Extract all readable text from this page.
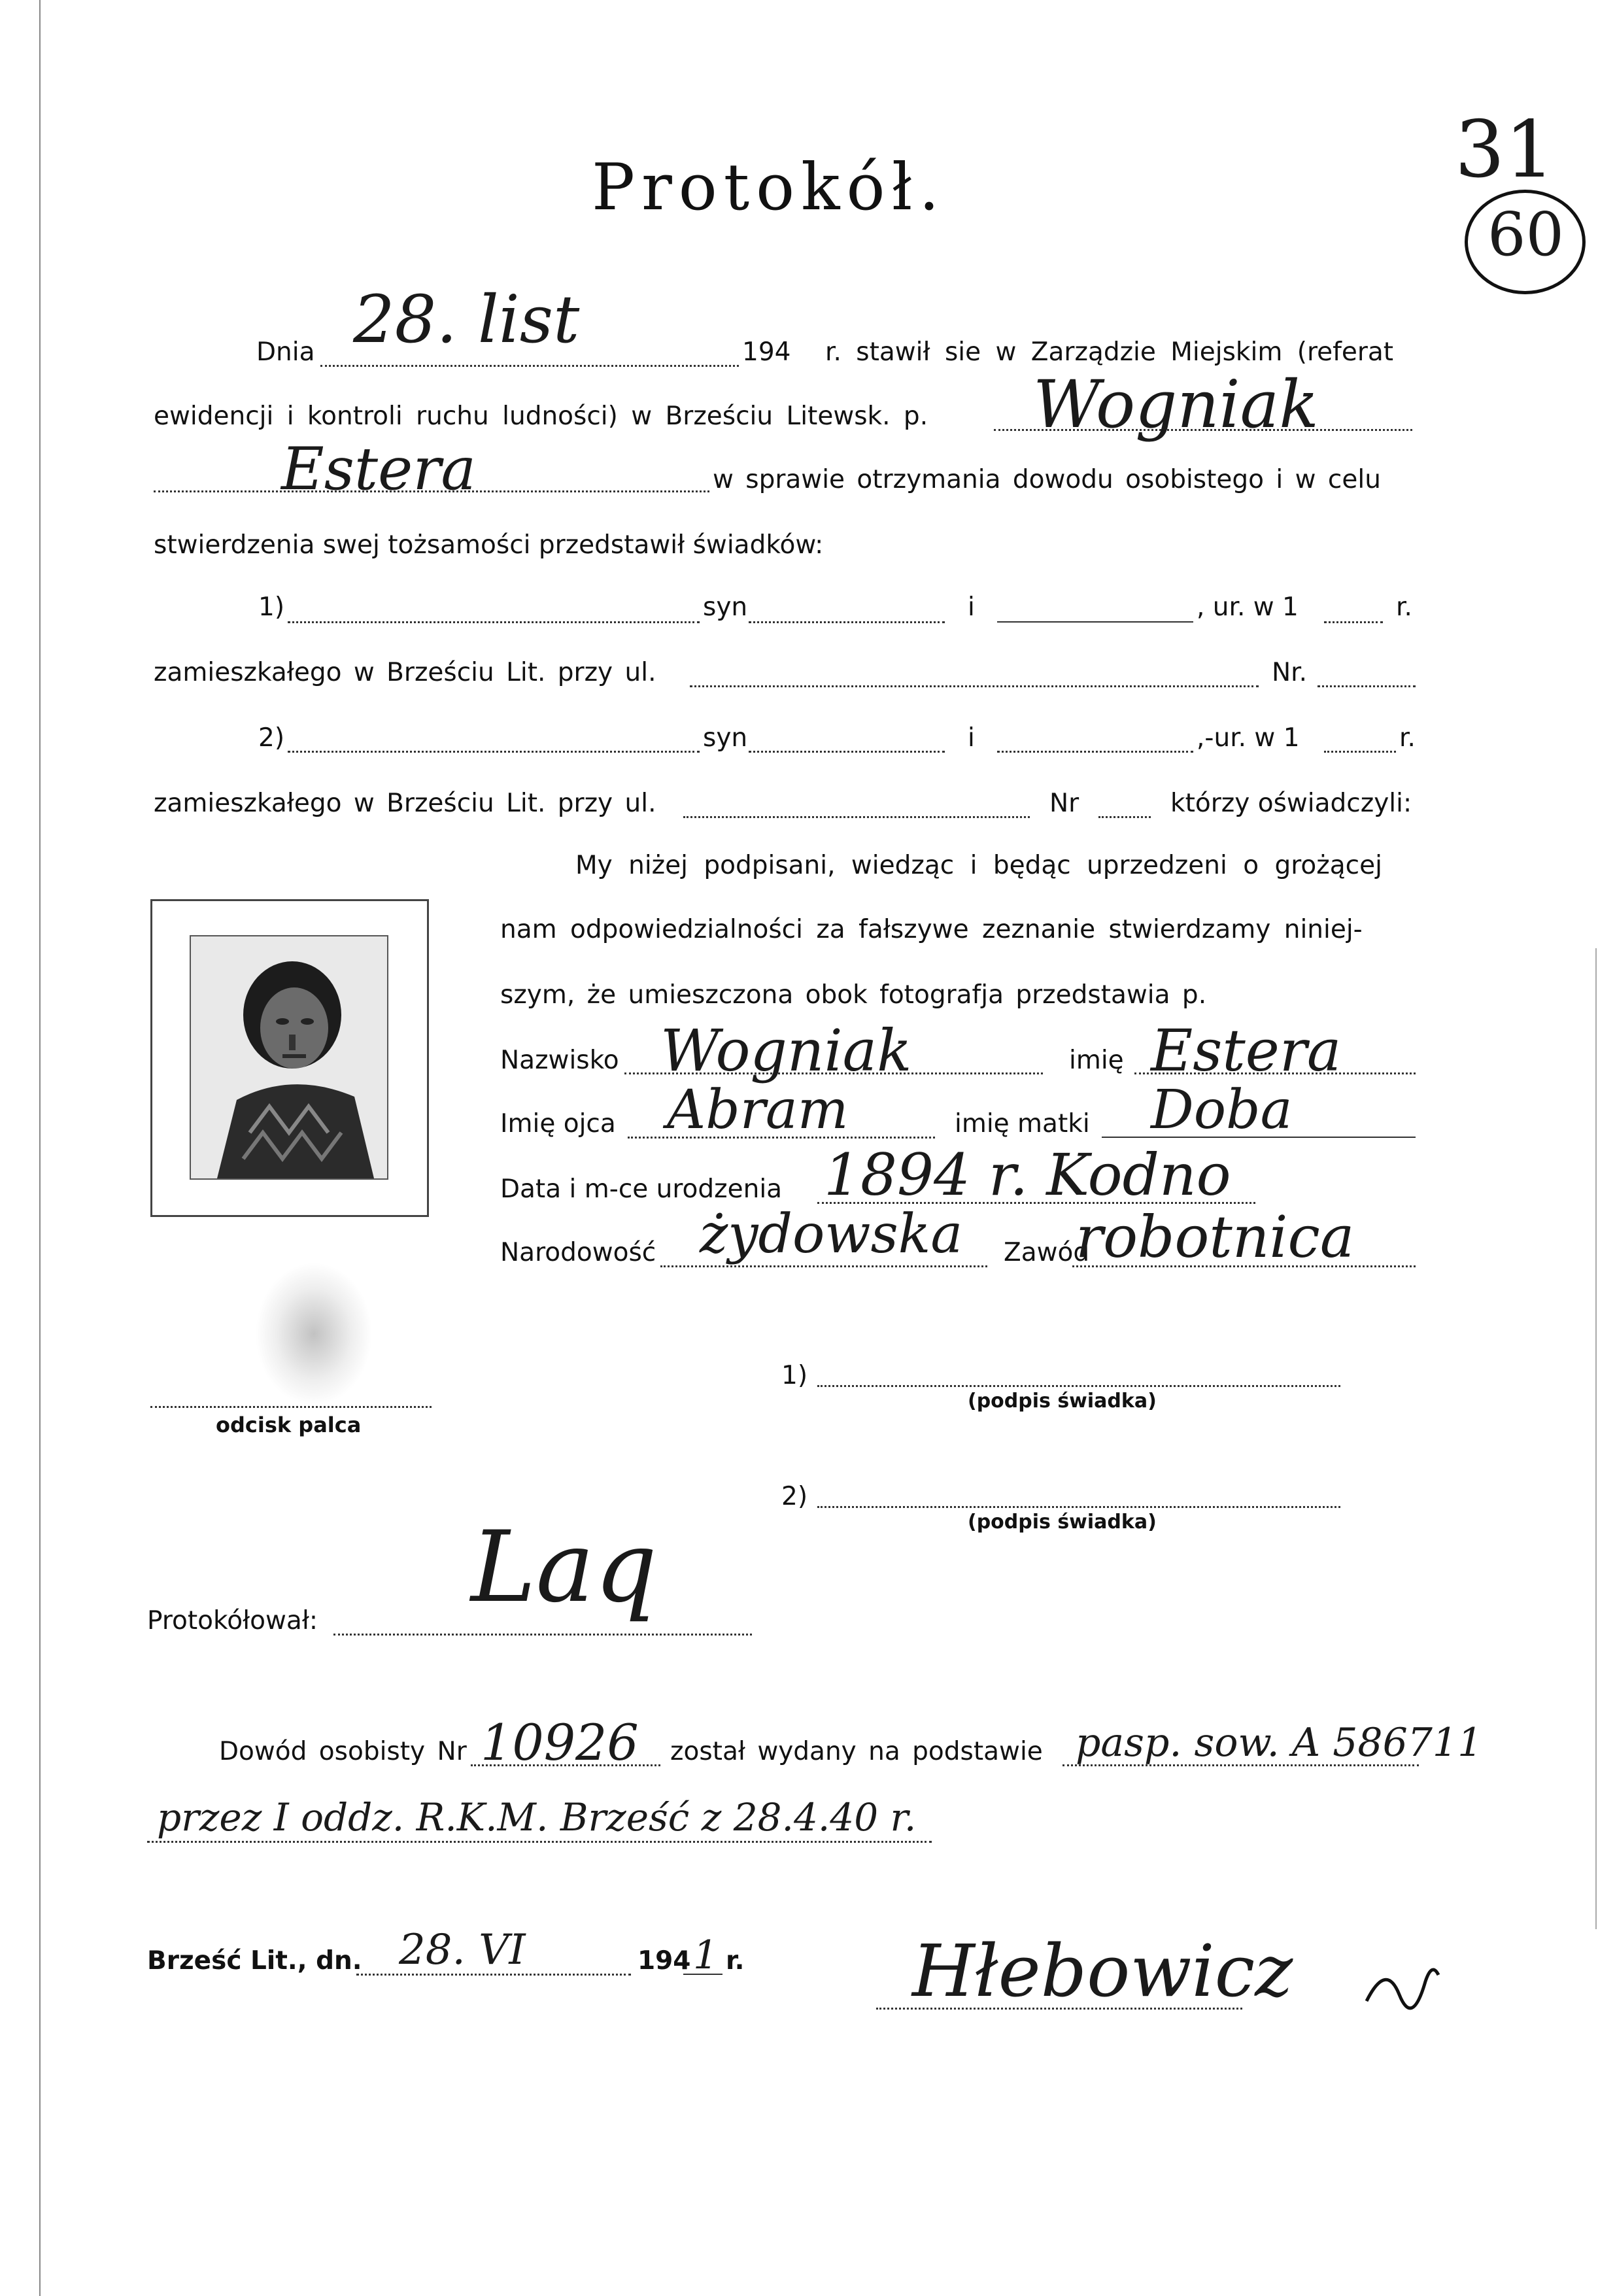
Protokół.	31
60
Dnia 28. list	194 r. stawił sie w Zarządzie Miejskim (referat
ewidencji i kontroli ruchu ludności) w Brześciu Litewsk. p. Wogniak
Estera	w sprawie otrzymania dowodu osobistego i w celu
stwierdzenia swej tożsamości przedstawił świadków:
1)	syn	i	, ur. w 1	r.
zamieszkałego w Brześciu Lit. przy ul.	Nr.
2)	syn	i	,-ur. w 1	r.
zamieszkałego w Brześciu Lit. przy ul.	Nr	którzy oświadczyli:
My niżej podpisani, wiedząc i będąc uprzedzeni o grożącej
nam odpowiedzialności za fałszywe zeznanie stwierdzamy niniej-
szym, że umieszczona obok fotografja przedstawia p.
Nazwisko Wogniak	imię Estera
Imię ojca Abram	imię matki Doba
Data i m-ce urodzenia 1894 r. Kodno
Narodowość żydowska Zawód
robotnica
odcisk palca
1)
(podpis świadka)
2)
(podpis świadka)
Protokółował: Laq
Dowód osobisty Nr 10926 został wydany na podstawie pasp. sow. A 586711
przez I oddz. R.K.M. Brześć z 28.4.40 r.
Brześć Lit., dn. 28. VI	194 1 r. Hłebowicz
